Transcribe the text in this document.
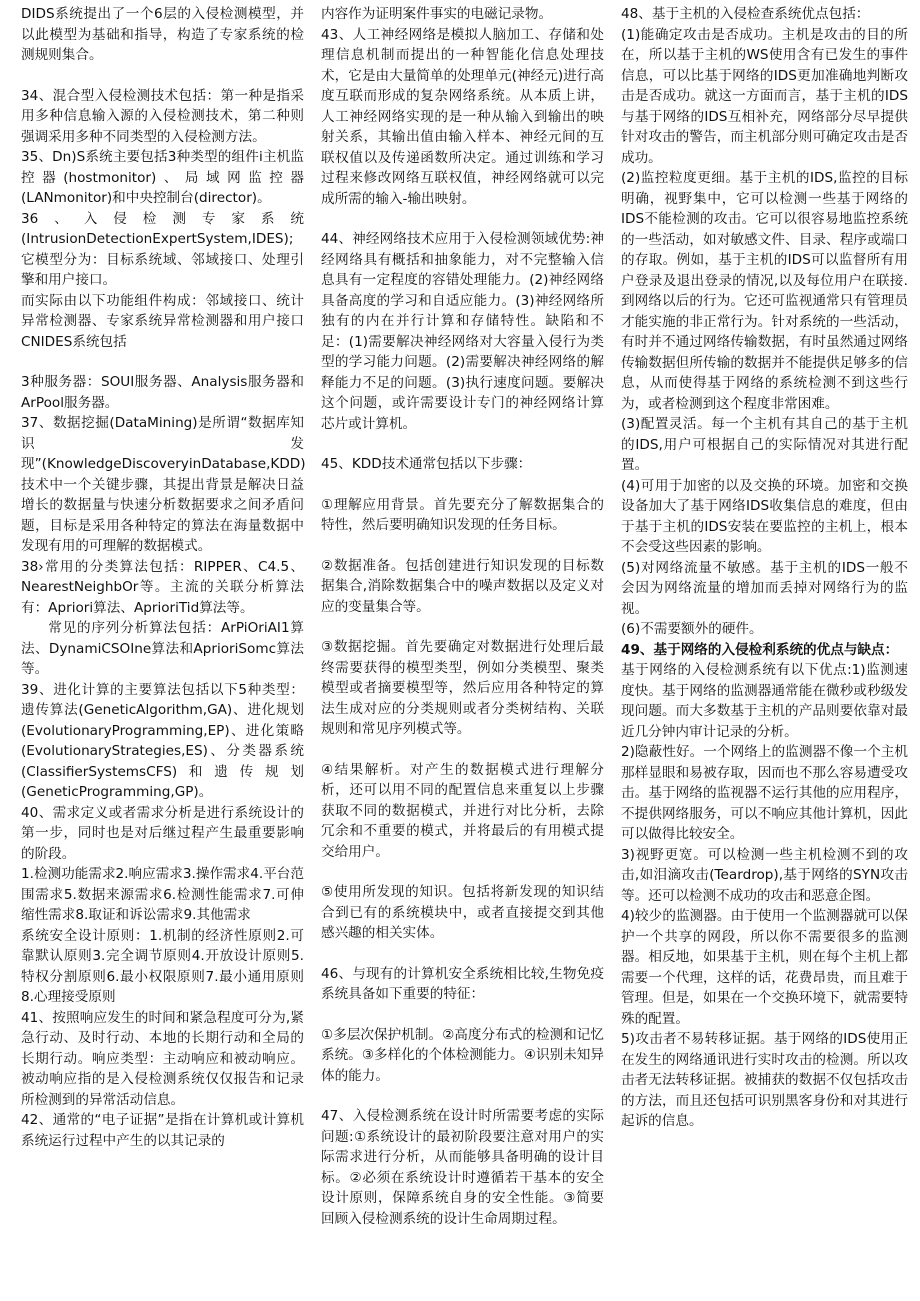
DIDS系统提出了一个6层的入侵检测模型，并以此模型为基础和指导，构造了专家系统的检测规则集合。

34、混合型入侵检测技术包括：第一种是指采用多种信息输入源的入侵检测技术，第二种则强调采用多种不同类型的入侵检测方法。

35、Dn)S系统主要包括3种类型的组件i主机监控器(hostmonitor)、局域网监控器(LANmonitor)和中央控制台(director)。

36、入侵检测专家系统(IntrusionDetectionExpertSystem,IDES);它模型分为：目标系统域、邻域接口、处理引擎和用户接口。

而实际由以下功能组件构成：邻域接口、统计异常检测器、专家系统异常检测器和用户接口CNIDES系统包括

3种服务器：SOUI服务器、Analysis服务器和ArPool服务器。

37、数据挖掘(DataMining)是所谓“数据库知识发现”(KnowledgeDiscoveryinDatabase,KDD)技术中一个关键步骤，其提出背景是解决日益增长的数据量与快速分析数据要求之间矛盾问题，目标是采用各种特定的算法在海量数据中发现有用的可理解的数据模式。

38›常用的分类算法包括：RIPPER、C4.5、NearestNeighbOr等。主流的关联分析算法有：Apriori算法、AprioriTid算法等。

常见的序列分析算法包括：ArPiOriAI1算法、DynamiCSOIne算法和AprioriSomc算法等。

39、进化计算的主要算法包括以下5种类型：遗传算法(GeneticAlgorithm,GA)、进化规划(EvolutionaryProgramming,EP)、进化策略(EvolutionaryStrategies,ES)、分类器系统(ClassifierSystemsCFS)和遗传规划(GeneticProgramming,GP)。

40、需求定义或者需求分析是进行系统设计的第一步，同时也是对后继过程产生最重要影响的阶段。

1.检测功能需求2.响应需求3.操作需求4.平台范围需求5.数据来源需求6.检测性能需求7.可伸缩性需求8.取证和诉讼需求9.其他需求

系统安全设计原则：1.机制的经济性原则2.可靠默认原则3.完全调节原则4.开放设计原则5.特权分割原则6.最小权限原则7.最小通用原则8.心理接受原则

41、按照响应发生的时间和紧急程度可分为,紧急行动、及时行动、本地的长期行动和全局的长期行动。响应类型：主动响应和被动响应。被动响应指的是入侵检测系统仅仅报告和记录所检测到的异常活动信息。

42、通常的“电子证据”是指在计算机或计算机系统运行过程中产生的以其记录的

内容作为证明案件事实的电磁记录物。

43、人工神经网络是模拟人脑加工、存储和处理信息机制而提出的一种智能化信息处理技术，它是由大量简单的处理单元(神经元)进行高度互联而形成的复杂网络系统。从本质上讲，人工神经网络实现的是一种从输入到输出的映射关系，其输出值由输入样本、神经元间的互联权值以及传递函数所决定。通过训练和学习过程来修改网络互联权值，神经网络就可以完成所需的输入-输出映射。

44、神经网络技术应用于入侵检测领域优势:神经网络具有概括和抽象能力，对不完整输入信息具有一定程度的容错处理能力。(2)神经网络具备高度的学习和自适应能力。(3)神经网络所独有的内在并行计算和存储特性。缺陷和不足：(1)需要解决神经网络对大容量入侵行为类型的学习能力问题。(2)需要解决神经网络的解释能力不足的问题。(3)执行速度问题。要解决这个问题，或许需要设计专门的神经网络计算芯片或计算机。

45、KDD技术通常包括以下步骤：

①理解应用背景。首先要充分了解数据集合的特性，然后要明确知识发现的任务目标。

②数据准备。包括创建进行知识发现的目标数据集合,消除数据集合中的噪声数据以及定义对应的变量集合等。

③数据挖掘。首先要确定对数据进行处理后最终需要获得的模型类型，例如分类模型、聚类模型或者摘要模型等，然后应用各种特定的算法生成对应的分类规则或者分类树结构、关联规则和常见序列模式等。

④结果解析。对产生的数据模式进行理解分析，还可以用不同的配置信息来重复以上步骤获取不同的数据模式，并进行对比分析，去除冗余和不重要的模式，并将最后的有用模式提交给用户。

⑤使用所发现的知识。包括将新发现的知识结合到已有的系统模块中，或者直接提交到其他感兴趣的相关实体。

46、与现有的计算机安全系统相比较,生物免疫系统具备如下重要的特征：

①多层次保护机制。②高度分布式的检测和记忆系统。③多样化的个体检测能力。④识别未知异体的能力。

47、入侵检测系统在设计时所需要考虑的实际问题:①系统设计的最初阶段要注意对用户的实际需求进行分析，从而能够具备明确的设计目标。②必须在系统设计时遵循若干基本的安全设计原则，保障系统自身的安全性能。③简要回顾入侵检测系统的设计生命周期过程。

48、基于主机的入侵检查系统优点包括：

(1)能确定攻击是否成功。主机是攻击的目的所在，所以基于主机的WS使用含有已发生的事件信息，可以比基于网络的IDS更加准确地判断攻击是否成功。就这一方面而言，基于主机的IDS与基于网络的IDS互相补充，网络部分尽早提供针对攻击的警告，而主机部分则可确定攻击是否成功。

(2)监控粒度更细。基于主机的IDS,监控的目标明确，视野集中，它可以检测一些基于网络的IDS不能检测的攻击。它可以很容易地监控系统的一些活动，如对敏感文件、目录、程序或端口的存取。例如，基于主机的IDS可以监督所有用户登录及退出登录的情况,以及每位用户在联接.到网络以后的行为。它还可监视通常只有管理员才能实施的非正常行为。针对系统的一些活动，有时并不通过网络传输数据，有时虽然通过网络传输数据但所传输的数据并不能提供足够多的信息，从而使得基于网络的系统检测不到这些行为，或者检测到这个程度非常困难。

(3)配置灵活。每一个主机有其自己的基于主机的IDS,用户可根据自己的实际情况对其进行配置。

(4)可用于加密的以及交换的环境。加密和交换设备加大了基于网络IDS收集信息的难度，但由于基于主机的IDS安装在要监控的主机上，根本不会受这些因素的影响。

(5)对网络流量不敏感。基于主机的IDS一般不会因为网络流量的增加而丢掉对网络行为的监视。

(6)不需要额外的硬件。

49、基于网络的入侵检利系统的优点与缺点：

基于网络的入侵检测系统有以下优点:1)监测速度快。基于网络的监测器通常能在微秒或秒级发现问题。而大多数基于主机的产品则要依靠对最近几分钟内审计记录的分析。

2)隐蔽性好。一个网络上的监测器不像一个主机那样显眼和易被存取，因而也不那么容易遭受攻击。基于网络的监视器不运行其他的应用程序，不提供网络服务，可以不响应其他计算机，因此可以做得比较安全。

3)视野更宽。可以检测一些主机检测不到的攻击,如泪滴攻击(Teardrop),基于网络的SYN攻击等。还可以检测不成功的攻击和恶意企图。

4)较少的监测器。由于使用一个监测器就可以保护一个共享的网段，所以你不需要很多的监测器。相反地，如果基于主机，则在每个主机上都需要一个代理，这样的话，花费昂贵，而且难于管理。但是，如果在一个交换环境下，就需要特殊的配置。

5)攻击者不易转移证据。基于网络的IDS使用正在发生的网络通讯进行实时攻击的检测。所以攻击者无法转移证据。被捕获的数据不仅包括攻击的方法，而且还包括可识别黑客身份和对其进行起诉的信息。
